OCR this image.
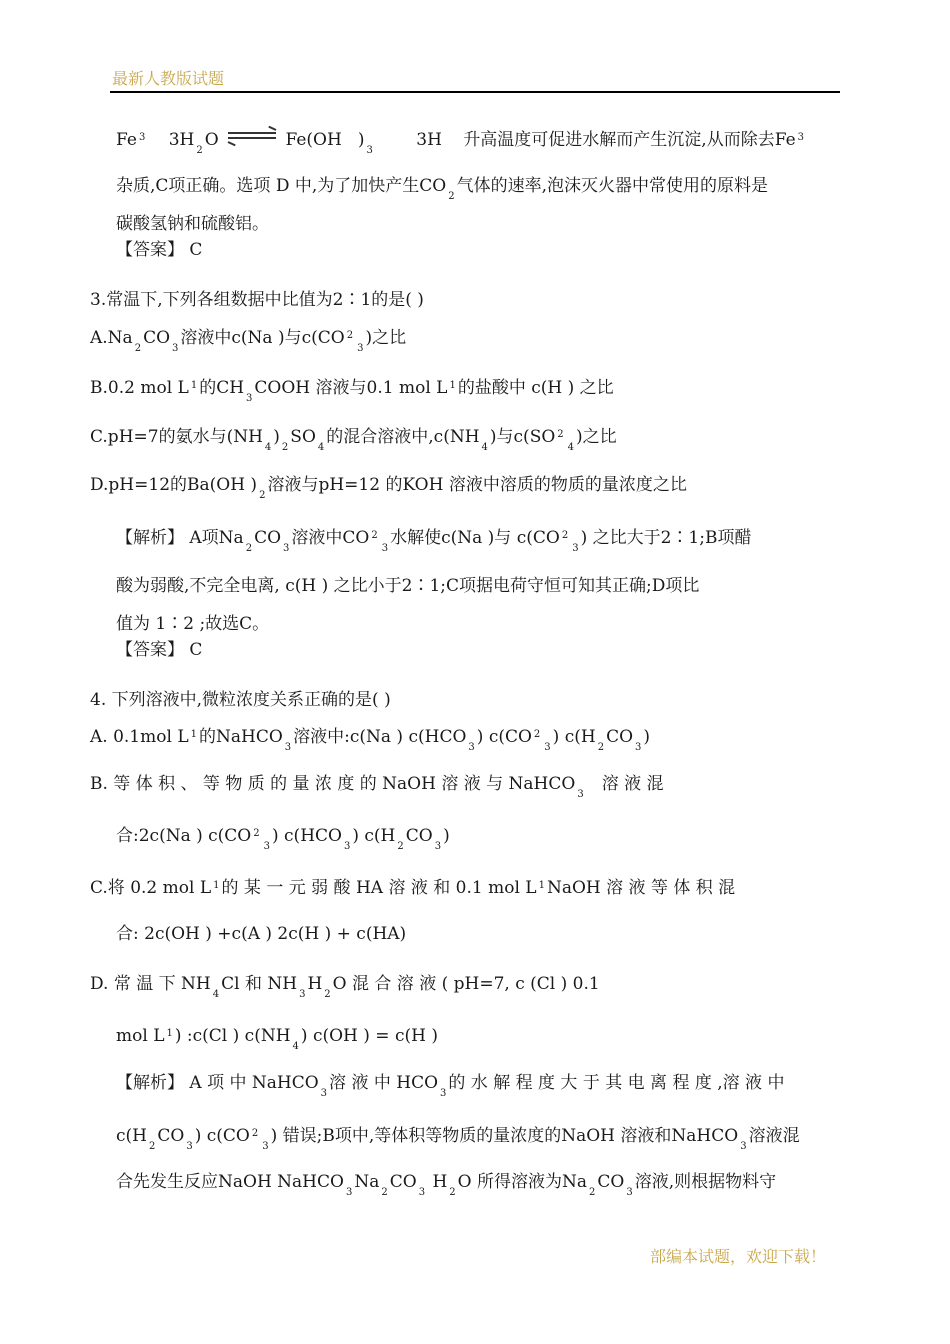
最新人教版试题
Fe $^3$ $3H_2O$	Fe(OH )$_3$ 3H 升高温度可促进水解而产生沉淀,从而除去Fe $^3$
杂质,C项正确。选项 D 中,为了加快产生$CO_2$气体的速率,泡沫灭火器中常使用的原料是
碳酸氢钠和硫酸铝。
【答案】 C
3.常温下,下列各组数据中比值为2∶1的是( )
$A.Na_2CO_3$溶液中c(Na )与c(CO $^2_3$)之比
B.0.2 mol L $^1$ 的$CH_3COOH$ 溶液与0.1 mol L $^1$ 的盐酸中 c(H ) 之比
C.pH=7的氨水与$(NH_4)_2SO_4$的混合溶液中$,c(NH_4)$与c(SO $^2_4$)之比
D.pH=12的Ba(OH )$_2$溶液与pH=12 的KOH 溶液中溶质的物质的量浓度之比
【解析】 A项$Na_2CO_3$溶液中CO $^2_3$水解使c(Na )与 c(CO $^2_3$) 之比大于2∶1;B项醋
酸为弱酸,不完全电离, c(H ) 之比小于2∶1;C项据电荷守恒可知其正确;D项比
值为 1∶2 ;故选C。
【答案】 C
4. 下列溶液中,微粒浓度关系正确的是( )
A. 0.1mol L $^1$ 的NaHCO$_3$溶液中:c(Na ) $c(HCO_3)$ c(CO $^2_3$) $c(H_2CO_3)$
B. 等 体 积 、 等 物 质 的 量 浓 度 的 NaOH 溶 液 与 NaHCO$_3$溶 液 混
合:2c(Na ) c(CO $^2_3$) $c(HCO_3)$ $c(H_2CO_3)$
C.将 0.2 mol L $^1$ 的 某 一 元 弱 酸 HA 溶 液 和 0.1 mol L $^1$ NaOH 溶 液 等 体 积 混
合: 2c(OH ) +c(A ) 2c(H ) + c(HA)
D. 常 温 下 $NH_4Cl$ 和 $NH_3H_2O$ 混 合 溶 液 ( pH=7, c (Cl ) 0.1
mol L $^1$ ) :c(Cl ) $c(NH_4)$ c(OH ) = c(H )
【解析】 A 项 中 NaHCO$_3$溶 液 中 $HCO_3$的 水 解 程 度 大 于 其 电 离 程 度 ,溶 液 中
$c(H_2CO_3)$ c(CO $^2_3$) 错误;B项中,等体积等物质的量浓度的NaOH 溶液和NaHCO$_3$溶液混
合先发生反应NaOH $NaHCO_3Na_2CO_3$ $H_2O$ 所得溶液为$Na_2CO_3$溶液,则根据物料守
部编本试题，欢迎下载！
